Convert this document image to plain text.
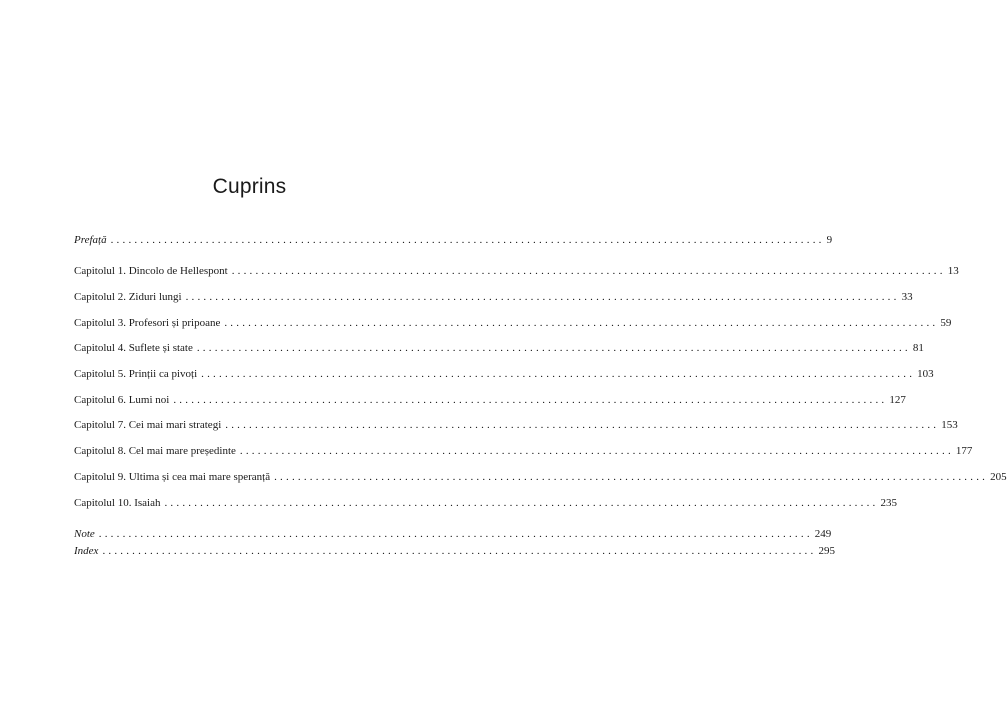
Cuprins
Prefață ........................................................................................................................ 9
Capitolul 1. Dincolo de Hellespont ........................................................................................................................ 13
Capitolul 2. Ziduri lungi ........................................................................................................................ 33
Capitolul 3. Profesori și pripoane ........................................................................................................................ 59
Capitolul 4. Suflete și state ........................................................................................................................ 81
Capitolul 5. Prinții ca pivoți ........................................................................................................................ 103
Capitolul 6. Lumi noi ........................................................................................................................ 127
Capitolul 7. Cei mai mari strategi ........................................................................................................................ 153
Capitolul 8. Cel mai mare președinte ........................................................................................................................ 177
Capitolul 9. Ultima și cea mai mare speranță ........................................................................................................................ 205
Capitolul 10. Isaiah ........................................................................................................................ 235
Note ........................................................................................................................ 249
Index ........................................................................................................................ 295
